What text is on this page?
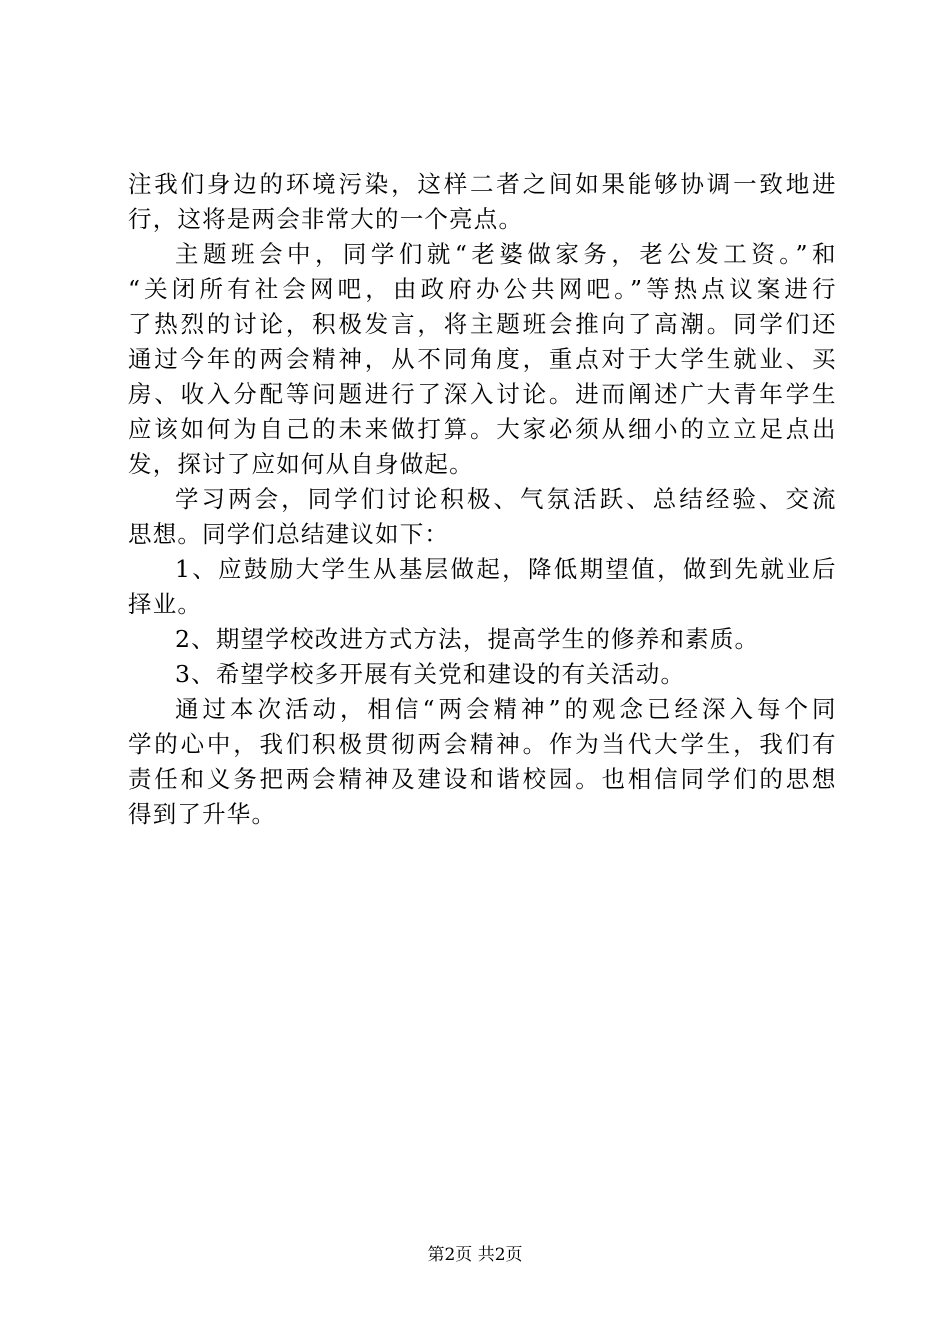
注我们身边的环境污染，这样二者之间如果能够协调一致地进
行，这将是两会非常大的一个亮点。
主题班会中，同学们就“老婆做家务，老公发工资。”和
“关闭所有社会网吧，由政府办公共网吧。”等热点议案进行
了热烈的讨论，积极发言，将主题班会推向了高潮。同学们还
通过今年的两会精神，从不同角度，重点对于大学生就业、买
房、收入分配等问题进行了深入讨论。进而阐述广大青年学生
应该如何为自己的未来做打算。大家必须从细小的立立足点出
发，探讨了应如何从自身做起。
学习两会，同学们讨论积极、气氛活跃、总结经验、交流
思想。同学们总结建议如下：
1、应鼓励大学生从基层做起，降低期望值，做到先就业后
择业。
2、期望学校改进方式方法，提高学生的修养和素质。
3、希望学校多开展有关党和建设的有关活动。
通过本次活动，相信“两会精神”的观念已经深入每个同
学的心中，我们积极贯彻两会精神。作为当代大学生，我们有
责任和义务把两会精神及建设和谐校园。也相信同学们的思想
得到了升华。
第2页 共2页
